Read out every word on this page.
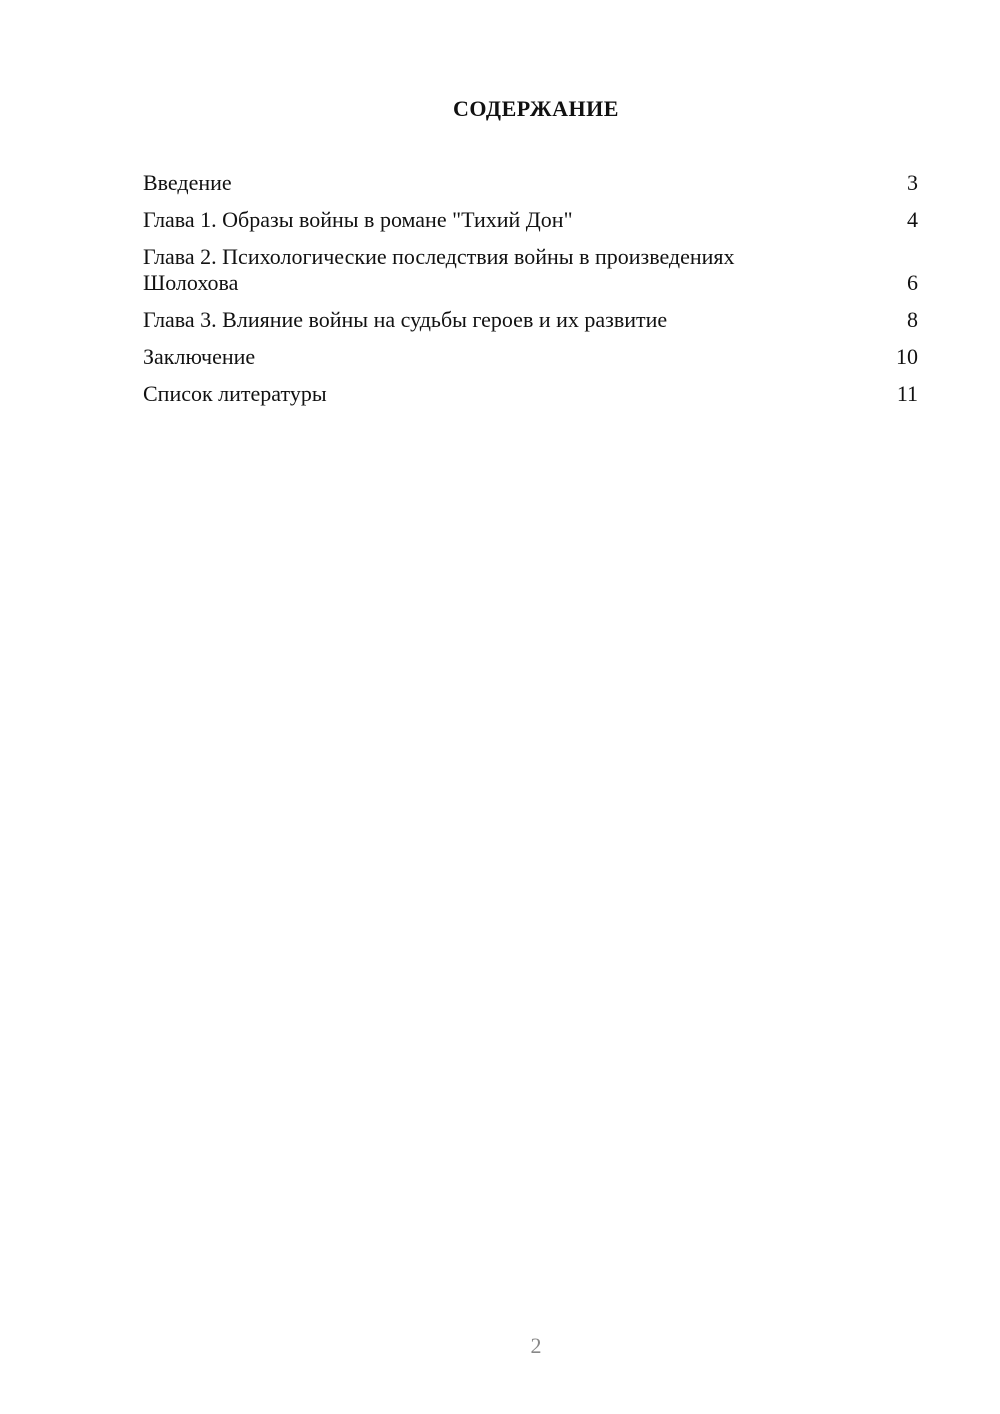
СОДЕРЖАНИЕ
Введение	3
Глава 1. Образы войны в романе "Тихий Дон"	4
Глава 2. Психологические последствия войны в произведениях Шолохова	6
Глава 3. Влияние войны на судьбы героев и их развитие	8
Заключение	10
Список литературы	11
2
